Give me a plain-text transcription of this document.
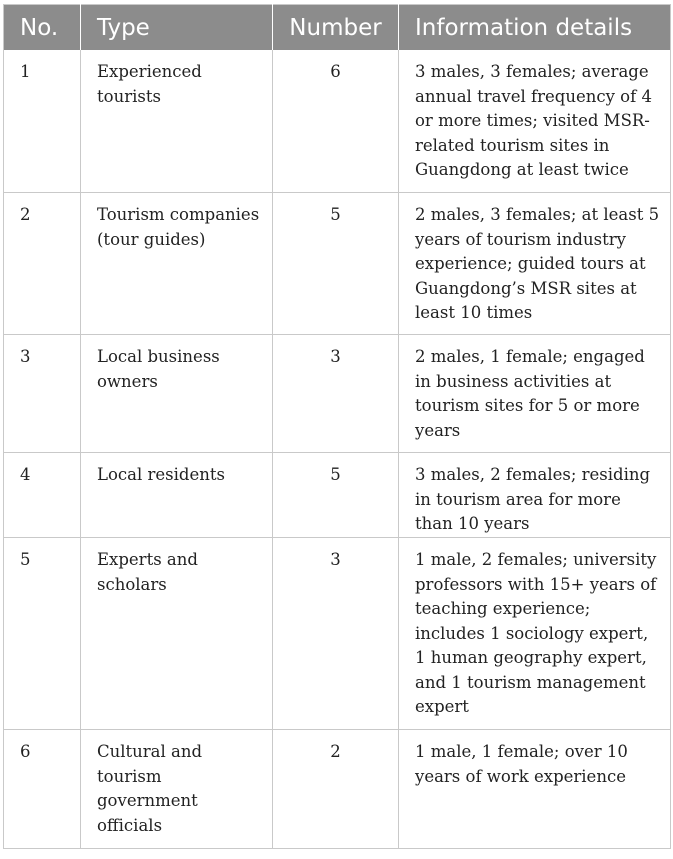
No.	Type	Number	Information details
1	Experienced tourists	6	3 males, 3 females; average annual travel frequency of 4 or more times; visited MSR-related tourism sites in Guangdong at least twice
2	Tourism companies (tour guides)	5	2 males, 3 females; at least 5 years of tourism industry experience; guided tours at Guangdong’s MSR sites at least 10 times
3	Local business owners	3	2 males, 1 female; engaged in business activities at tourism sites for 5 or more years
4	Local residents	5	3 males, 2 females; residing in tourism area for more than 10 years
5	Experts and scholars	3	1 male, 2 females; university professors with 15+ years of teaching experience; includes 1 sociology expert, 1 human geography expert, and 1 tourism management expert
6	Cultural and tourism government officials	2	1 male, 1 female; over 10 years of work experience
